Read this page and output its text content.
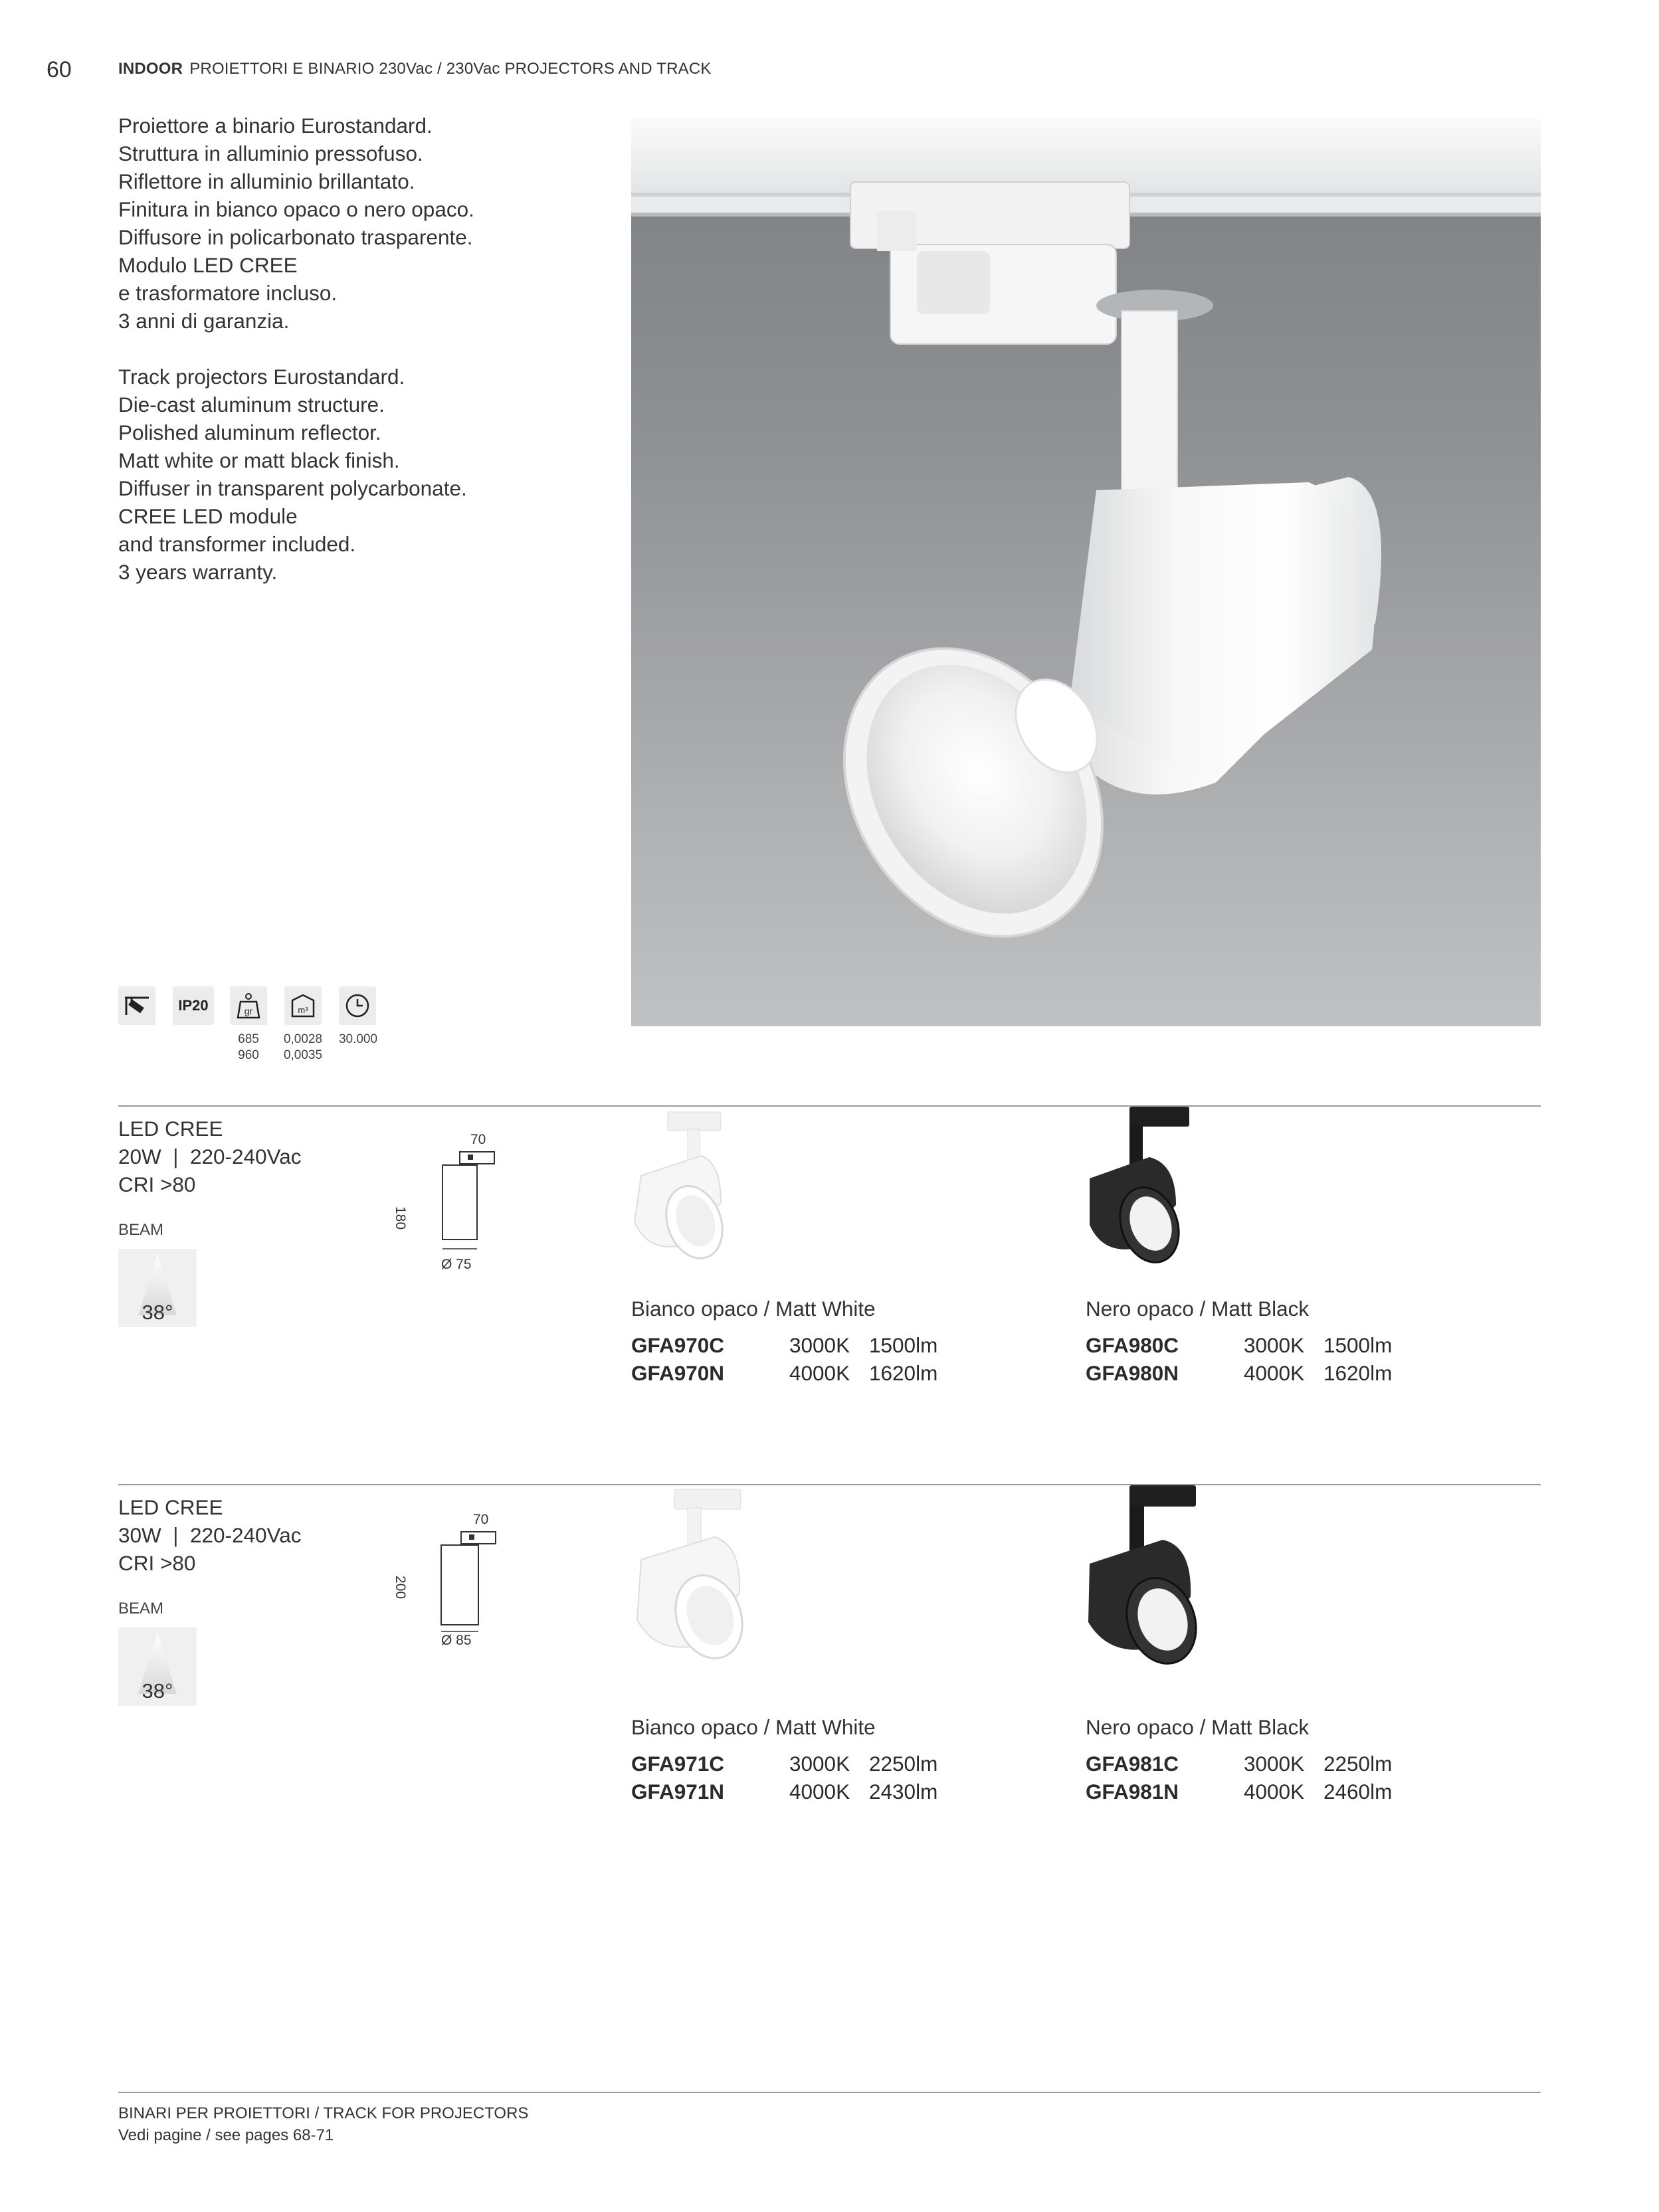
60	INDOOR PROIETTORI E BINARIO 230Vac / 230Vac PROJECTORS AND TRACK

Proiettore a binario Eurostandard.

Struttura in alluminio pressofuso.

Riflettore in alluminio brillantato.

Finitura in bianco opaco o nero opaco.

Diffusore in policarbonato trasparente.

Modulo LED CREE

e trasformatore incluso.

3 anni di garanzia.

Track projectors Eurostandard.

Die-cast aluminum structure.

Polished aluminum reflector.

Matt white or matt black finish.

Diffuser in transparent polycarbonate.

CREE LED module

and transformer included.

3 years warranty.

IP20	gr	m³
685
960
0,0028
0,0035
30.000

LED CREE

20W  |  220-240Vac

CRI >80

BEAM
38°
70
180
Ø 75
Bianco opaco / Matt White
GFA970C	3000K 1500lm
GFA970N	4000K 1620lm
Nero opaco / Matt Black
GFA980C	3000K 1500lm
GFA980N	4000K 1620lm

LED CREE

30W  |  220-240Vac

CRI >80

BEAM
38°
70
200
Ø 85
Bianco opaco / Matt White
GFA971C	3000K 2250lm
GFA971N	4000K 2430lm
Nero opaco / Matt Black
GFA981C	3000K 2250lm
GFA981N	4000K 2460lm
BINARI PER PROIETTORI / TRACK FOR PROJECTORS
Vedi pagine / see pages 68-71
